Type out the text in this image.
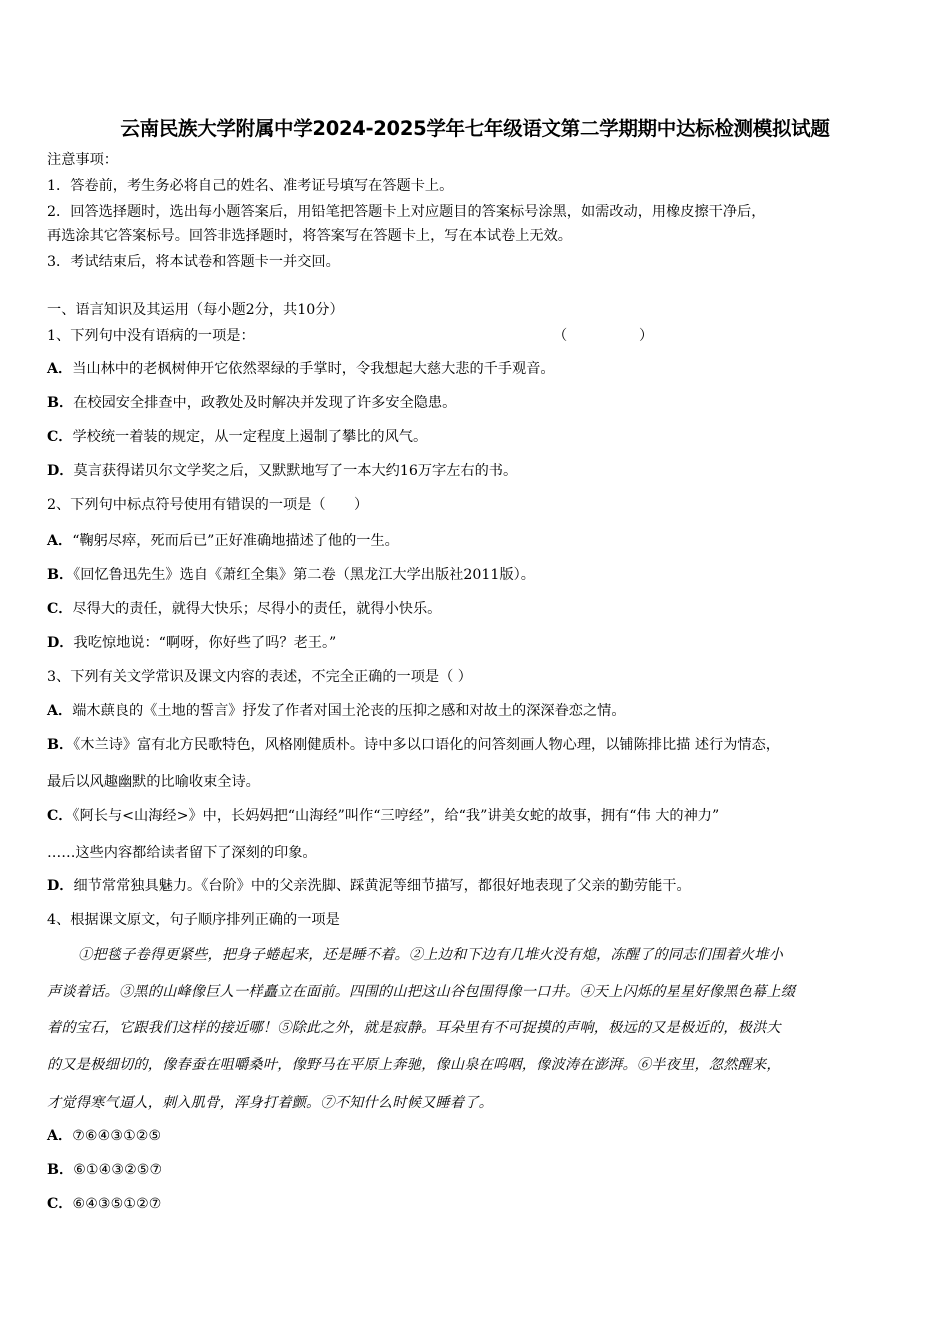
云南民族大学附属中学2024-2025学年七年级语文第二学期期中达标检测模拟试题
注意事项：
1．答卷前，考生务必将自己的姓名、准考证号填写在答题卡上。
2．回答选择题时，选出每小题答案后，用铅笔把答题卡上对应题目的答案标号涂黑，如需改动，用橡皮擦干净后，
再选涂其它答案标号。回答非选择题时，将答案写在答题卡上，写在本试卷上无效。
3．考试结束后，将本试卷和答题卡一并交回。
一、语言知识及其运用（每小题2分，共10分）
1、下列句中没有语病的一项是：	（	）
A．当山林中的老枫树伸开它依然翠绿的手掌时，令我想起大慈大悲的千手观音。
B．在校园安全排查中，政教处及时解决并发现了许多安全隐患。
C．学校统一着装的规定，从一定程度上遏制了攀比的风气。
D．莫言获得诺贝尔文学奖之后，又默默地写了一本大约16万字左右的书。
2、下列句中标点符号使用有错误的一项是（　　）
A．“鞠躬尽瘁，死而后已”正好准确地描述了他的一生。
B．《回忆鲁迅先生》选自《萧红全集》第二卷（黑龙江大学出版社2011版）。
C．尽得大的责任，就得大快乐；尽得小的责任，就得小快乐。
D．我吃惊地说：“啊呀，你好些了吗？老王。”
3、下列有关文学常识及课文内容的表述，不完全正确的一项是（ ）
A．端木蕻良的《土地的誓言》抒发了作者对国土沦丧的压抑之感和对故土的深深眷恋之情。
B．《木兰诗》富有北方民歌特色，风格刚健质朴。诗中多以口语化的问答刻画人物心理，以铺陈排比描 述行为情态，
最后以风趣幽默的比喻收束全诗。
C．《阿长与<山海经>》中，长妈妈把“山海经”叫作“三哼经”，给“我”讲美女蛇的故事，拥有“伟 大的神力”
……这些内容都给读者留下了深刻的印象。
D．细节常常独具魅力。《台阶》中的父亲洗脚、踩黄泥等细节描写，都很好地表现了父亲的勤劳能干。
4、根据课文原文，句子顺序排列正确的一项是
①把毯子卷得更紧些，把身子蜷起来，还是睡不着。②上边和下边有几堆火没有熄，冻醒了的同志们围着火堆小
声谈着话。③黑的山峰像巨人一样矗立在面前。四围的山把这山谷包围得像一口井。④天上闪烁的星星好像黑色幕上缀
着的宝石，它跟我们这样的接近哪！⑤除此之外，就是寂静。耳朵里有不可捉摸的声响，极远的又是极近的，极洪大
的又是极细切的，像春蚕在咀嚼桑叶，像野马在平原上奔驰，像山泉在呜咽，像波涛在澎湃。⑥半夜里，忽然醒来，
才觉得寒气逼人，刺入肌骨，浑身打着颤。⑦不知什么时候又睡着了。
A．⑦⑥④③①②⑤
B．⑥①④③②⑤⑦
C．⑥④③⑤①②⑦
